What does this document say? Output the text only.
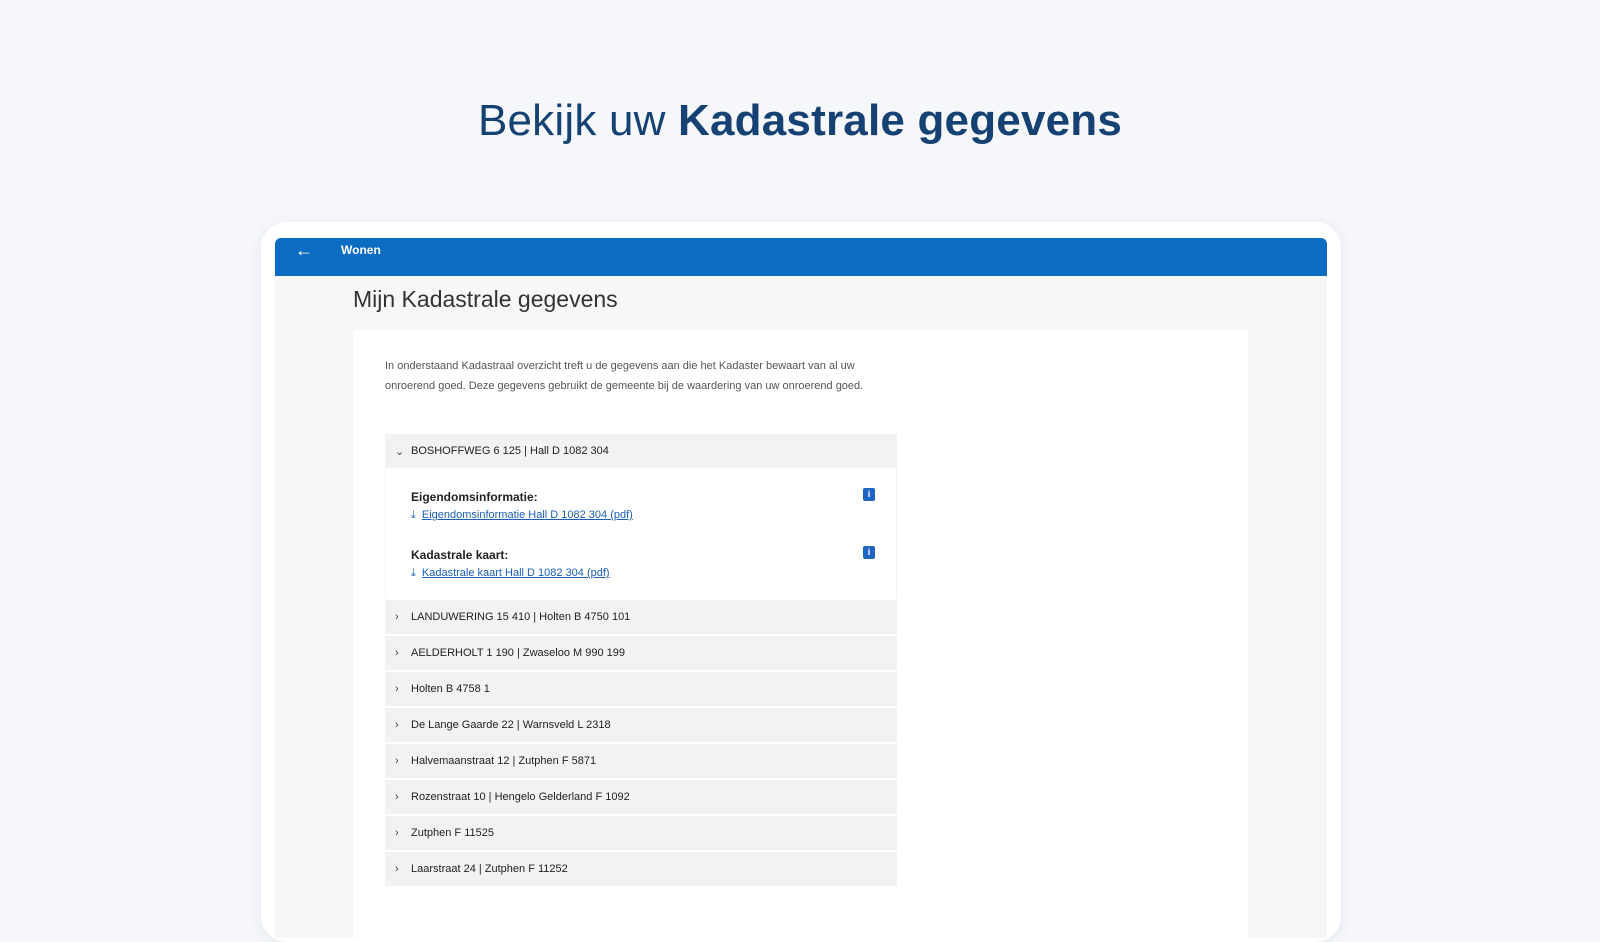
Bekijk uw Kadastrale gegevens
← Wonen
Mijn Kadastrale gegevens
In onderstaand Kadastraal overzicht treft u de gegevens aan die het Kadaster bewaart van al uw onroerend goed. Deze gegevens gebruikt de gemeente bij de waardering van uw onroerend goed.
⌄ BOSHOFFWEG 6 125 | Hall D 1082 304
Eigendomsinformatie:	i
⤓ Eigendomsinformatie Hall D 1082 304 (pdf)
Kadastrale kaart:	i
⤓ Kadastrale kaart Hall D 1082 304 (pdf)
›	LANDUWERING 15 410 | Holten B 4750 101
›	AELDERHOLT 1 190 | Zwaseloo M 990 199
›	Holten B 4758 1
›	De Lange Gaarde 22 | Warnsveld L 2318
›	Halvemaanstraat 12 | Zutphen F 5871
›	Rozenstraat 10 | Hengelo Gelderland F 1092
›	Zutphen F 11525
›	Laarstraat 24 | Zutphen F 11252
